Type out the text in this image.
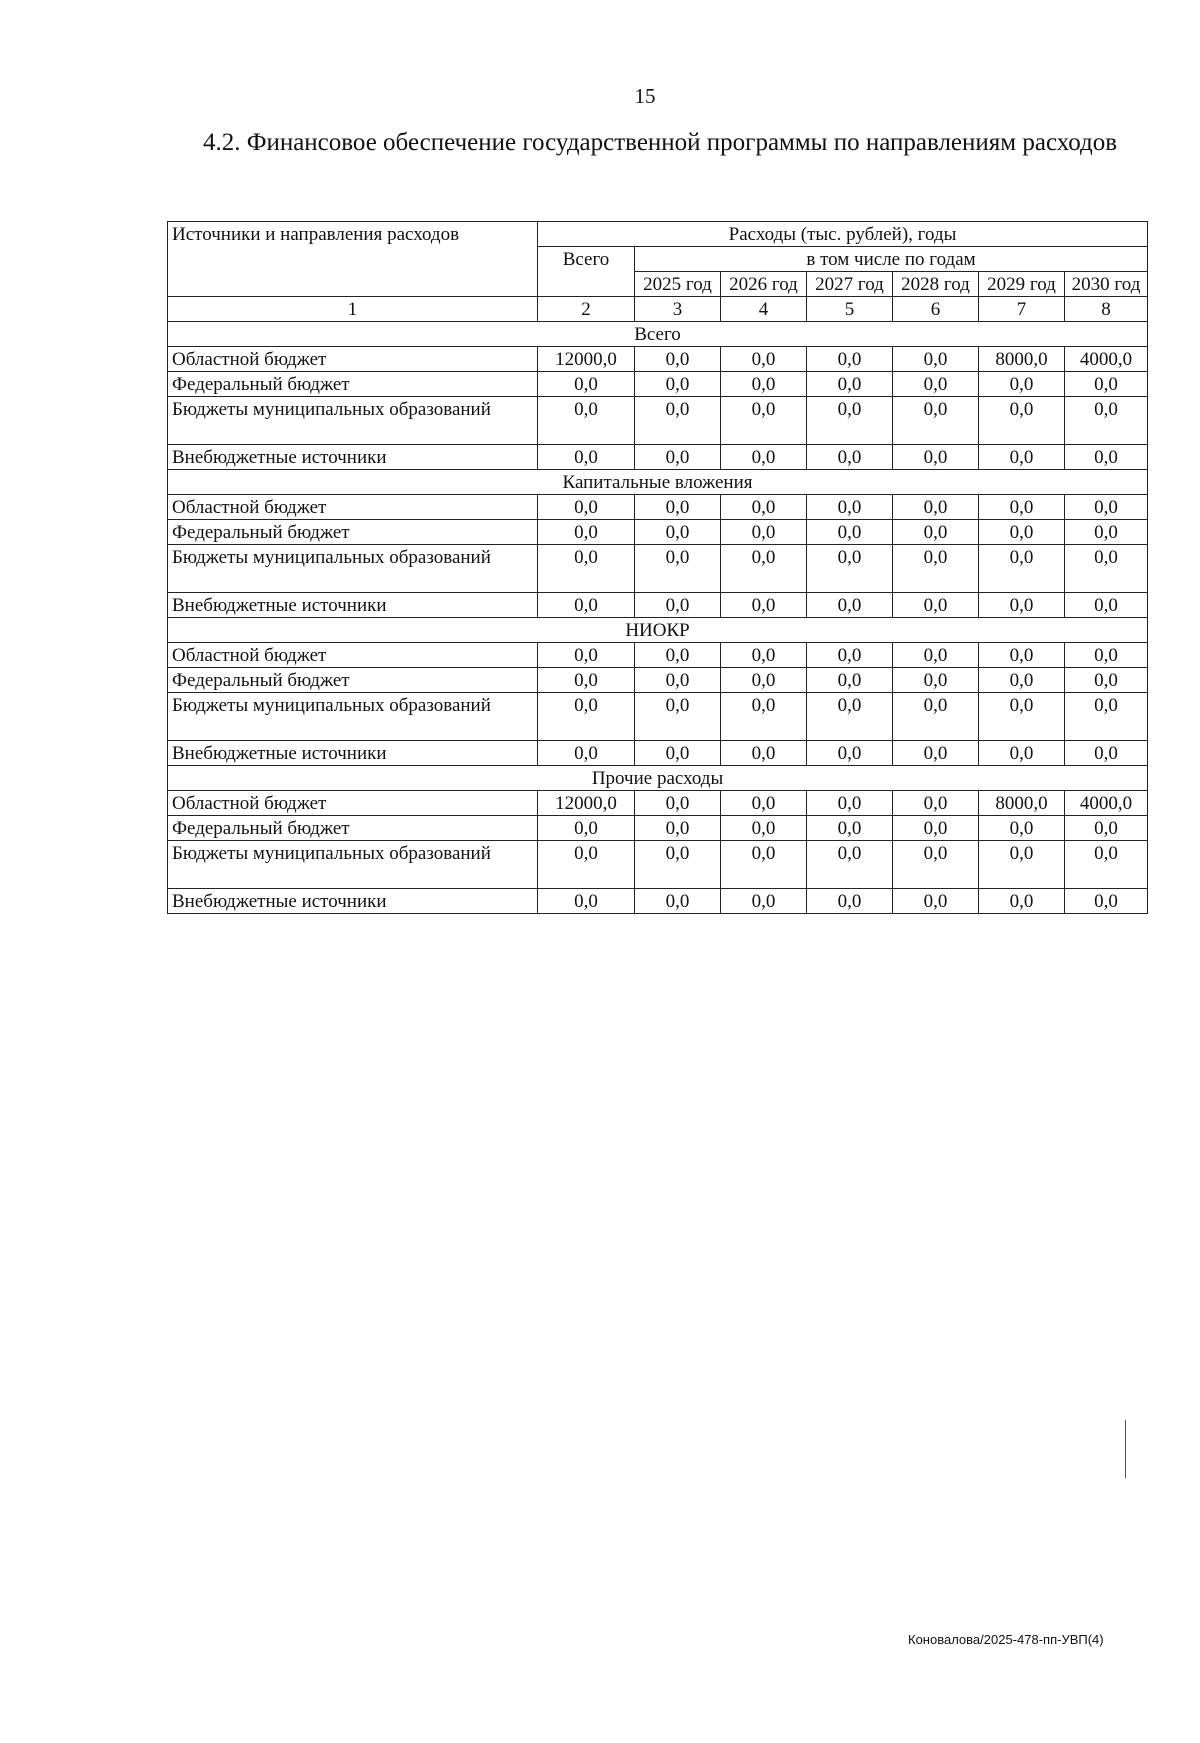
15
4.2. Финансовое обеспечение государственной программы по направлениям расходов
Источники и направления расходов	Расходы (тыс. рублей), годы						
	Всего	в том числе по годам					
		2025 год	2026 год	2027 год	2028 год	2029 год	2030 год
1	2	3	4	5	6	7	8
Всего							
Областной бюджет	12000,0	0,0	0,0	0,0	0,0	8000,0	4000,0
Федеральный бюджет	0,0	0,0	0,0	0,0	0,0	0,0	0,0
Бюджеты муниципальных образований	0,0	0,0	0,0	0,0	0,0	0,0	0,0
Внебюджетные источники	0,0	0,0	0,0	0,0	0,0	0,0	0,0
Капитальные вложения							
Областной бюджет	0,0	0,0	0,0	0,0	0,0	0,0	0,0
Федеральный бюджет	0,0	0,0	0,0	0,0	0,0	0,0	0,0
Бюджеты муниципальных образований	0,0	0,0	0,0	0,0	0,0	0,0	0,0
Внебюджетные источники	0,0	0,0	0,0	0,0	0,0	0,0	0,0
НИОКР							
Областной бюджет	0,0	0,0	0,0	0,0	0,0	0,0	0,0
Федеральный бюджет	0,0	0,0	0,0	0,0	0,0	0,0	0,0
Бюджеты муниципальных образований	0,0	0,0	0,0	0,0	0,0	0,0	0,0
Внебюджетные источники	0,0	0,0	0,0	0,0	0,0	0,0	0,0
Прочие расходы							
Областной бюджет	12000,0	0,0	0,0	0,0	0,0	8000,0	4000,0
Федеральный бюджет	0,0	0,0	0,0	0,0	0,0	0,0	0,0
Бюджеты муниципальных образований	0,0	0,0	0,0	0,0	0,0	0,0	0,0
Внебюджетные источники	0,0	0,0	0,0	0,0	0,0	0,0	0,0
Коновалова/2025-478-пп-УВП(4)
